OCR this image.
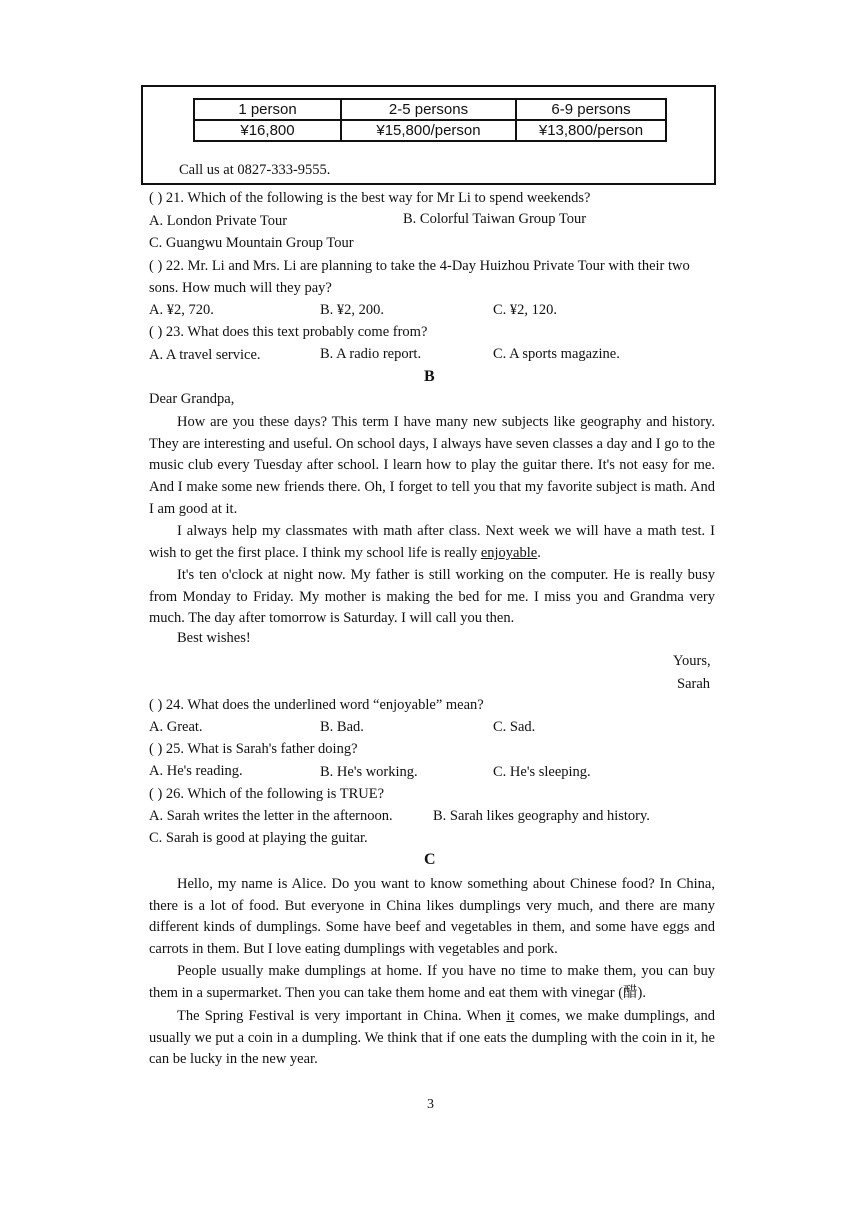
1 person	2-5 persons	6-9 persons
¥16,800	¥15,800/person	¥13,800/person
Call us at 0827-333-9555.
( ) 21. Which of the following is the best way for Mr Li to spend weekends?
A. London Private Tour	B. Colorful Taiwan Group Tour
C. Guangwu Mountain Group Tour
( ) 22. Mr. Li and Mrs. Li are planning to take the 4-Day Huizhou Private Tour with their two
sons. How much will they pay?
A. ¥2, 720.	B. ¥2, 200.	C. ¥2, 120.
( ) 23. What does this text probably come from?
A. A travel service.	B. A radio report.	C. A sports magazine.
B
Dear Grandpa,
How are you these days? This term I have many new subjects like geography and history. They are interesting and useful. On school days, I always have seven classes a day and I go to the music club every Tuesday after school. I learn how to play the guitar there. It's not easy for me. And I make some new friends there. Oh, I forget to tell you that my favorite subject is math. And I am good at it.
I always help my classmates with math after class. Next week we will have a math test. I wish to get the first place. I think my school life is really enjoyable.
It's ten o'clock at night now. My father is still working on the computer. He is really busy from Monday to Friday. My mother is making the bed for me. I miss you and Grandma very much. The day after tomorrow is Saturday. I will call you then.
Best wishes!
Yours,
Sarah
( ) 24. What does the underlined word “enjoyable” mean?
A. Great.	B. Bad.	C. Sad.
( ) 25. What is Sarah's father doing?
A. He's reading.	B. He's working.	C. He's sleeping.
( ) 26. Which of the following is TRUE?
A. Sarah writes the letter in the afternoon.	B. Sarah likes geography and history.
C. Sarah is good at playing the guitar.
C
Hello, my name is Alice. Do you want to know something about Chinese food? In China, there is a lot of food. But everyone in China likes dumplings very much, and there are many different kinds of dumplings. Some have beef and vegetables in them, and some have eggs and carrots in them. But I love eating dumplings with vegetables and pork.
People usually make dumplings at home. If you have no time to make them, you can buy them in a supermarket. Then you can take them home and eat them with vinegar (醋).
The Spring Festival is very important in China. When it comes, we make dumplings, and usually we put a coin in a dumpling. We think that if one eats the dumpling with the coin in it, he can be lucky in the new year.
3
